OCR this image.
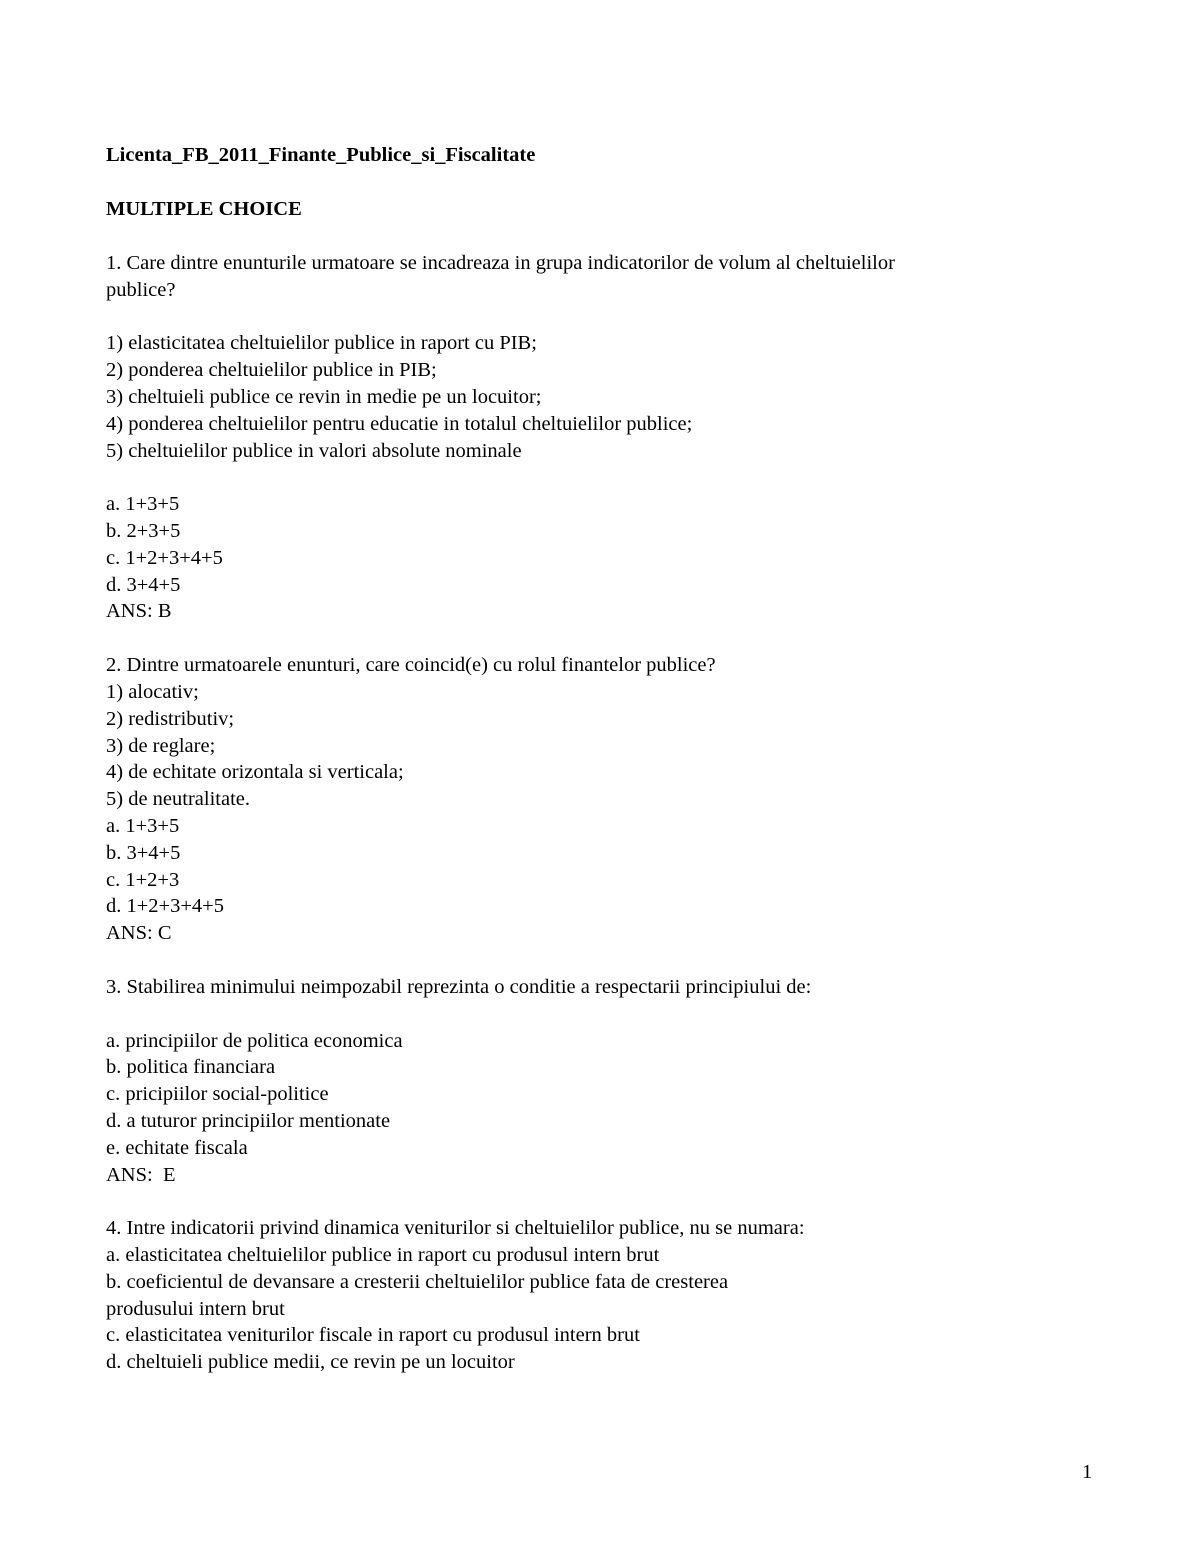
Licenta_FB_2011_Finante_Publice_si_Fiscalitate
MULTIPLE CHOICE
1. Care dintre enunturile urmatoare se incadreaza in grupa indicatorilor de volum al cheltuielilor
publice?
1) elasticitatea cheltuielilor publice in raport cu PIB;
2) ponderea cheltuielilor publice in PIB;
3) cheltuieli publice ce revin in medie pe un locuitor;
4) ponderea cheltuielilor pentru educatie in totalul cheltuielilor publice;
5) cheltuielilor publice in valori absolute nominale
a. 1+3+5
b. 2+3+5
c. 1+2+3+4+5
d. 3+4+5
ANS: B
2. Dintre urmatoarele enunturi, care coincid(e) cu rolul finantelor publice?
1) alocativ;
2) redistributiv;
3) de reglare;
4) de echitate orizontala si verticala;
5) de neutralitate.
a. 1+3+5
b. 3+4+5
c. 1+2+3
d. 1+2+3+4+5
ANS: C
3. Stabilirea minimului neimpozabil reprezinta o conditie a respectarii principiului de:
a. principiilor de politica economica
b. politica financiara
c. pricipiilor social-politice
d. a tuturor principiilor mentionate
e. echitate fiscala
ANS:  E
4. Intre indicatorii privind dinamica veniturilor si cheltuielilor publice, nu se numara:
a. elasticitatea cheltuielilor publice in raport cu produsul intern brut
b. coeficientul de devansare a cresterii cheltuielilor publice fata de cresterea
produsului intern brut
c. elasticitatea veniturilor fiscale in raport cu produsul intern brut
d. cheltuieli publice medii, ce revin pe un locuitor
1
